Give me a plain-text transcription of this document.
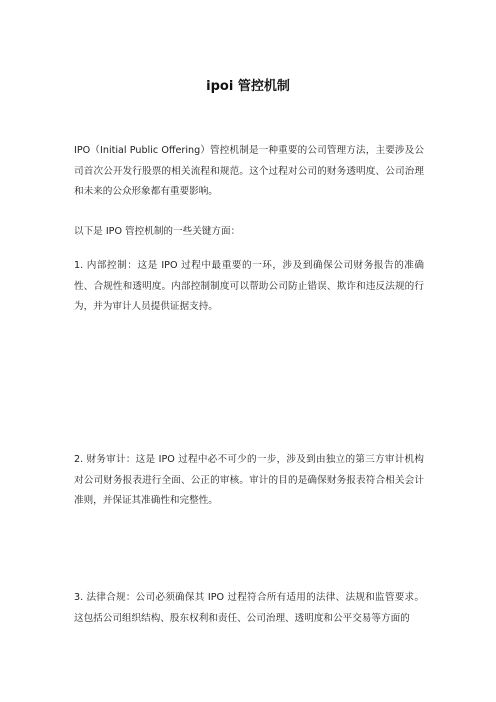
ipoi 管控机制

IPO（Initial Public Offering）管控机制是一种重要的公司管理方法，主要涉及公司首次公开发行股票的相关流程和规范。这个过程对公司的财务透明度、公司治理和未来的公众形象都有重要影响。

以下是 IPO 管控机制的一些关键方面：

1. 内部控制：这是 IPO 过程中最重要的一环，涉及到确保公司财务报告的准确性、合规性和透明度。内部控制制度可以帮助公司防止错误、欺诈和违反法规的行为，并为审计人员提供证据支持。

2. 财务审计：这是 IPO 过程中必不可少的一步，涉及到由独立的第三方审计机构对公司财务报表进行全面、公正的审核。审计的目的是确保财务报表符合相关会计准则，并保证其准确性和完整性。

3. 法律合规：公司必须确保其 IPO 过程符合所有适用的法律、法规和监管要求。这包括公司组织结构、股东权利和责任、公司治理、透明度和公平交易等方面的
